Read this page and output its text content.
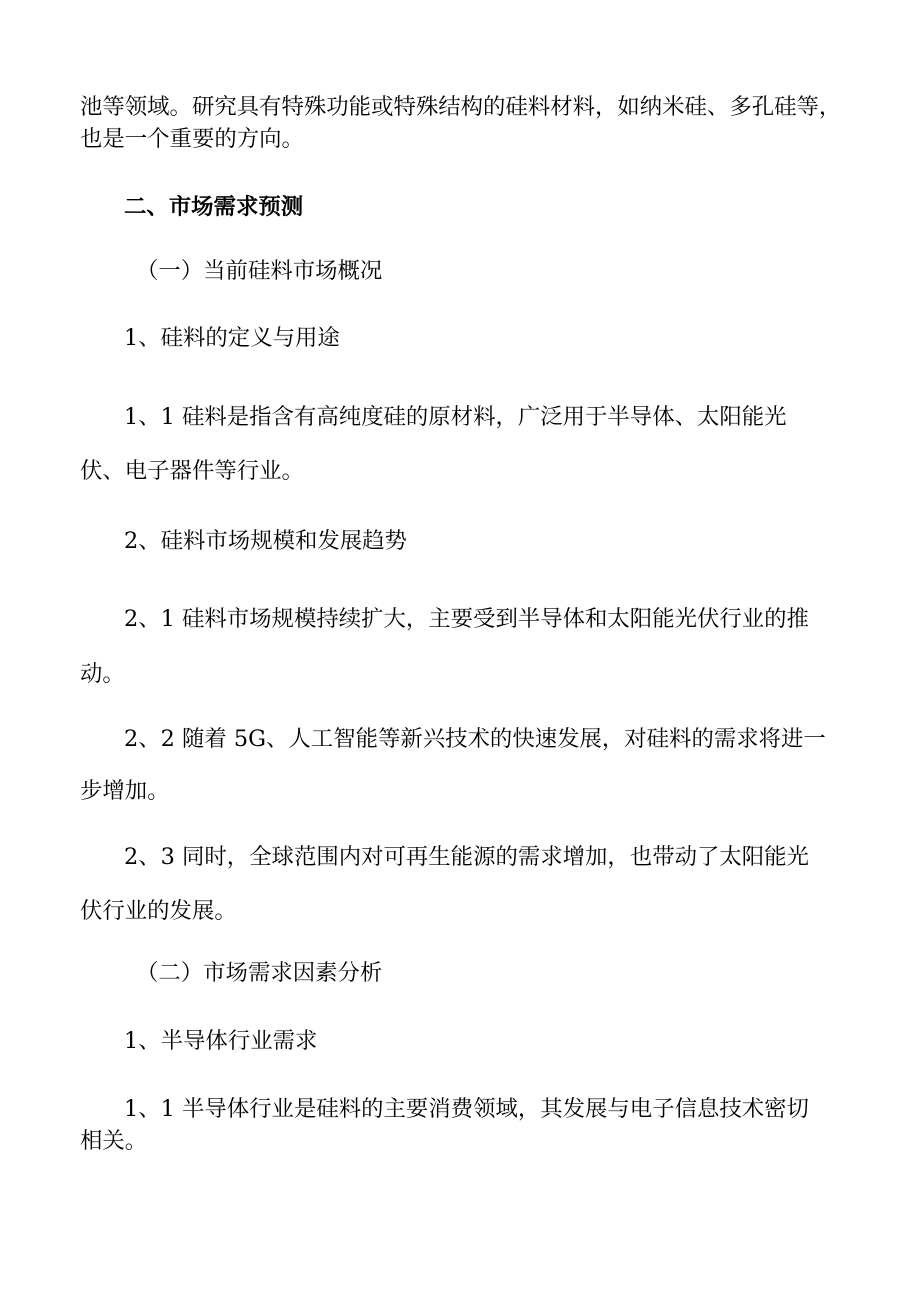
池等领域。研究具有特殊功能或特殊结构的硅料材料，如纳米硅、多孔硅等，
也是一个重要的方向。
二、市场需求预测
（一）当前硅料市场概况
1、硅料的定义与用途
1、1 硅料是指含有高纯度硅的原材料，广泛用于半导体、太阳能光
伏、电子器件等行业。
2、硅料市场规模和发展趋势
2、1 硅料市场规模持续扩大，主要受到半导体和太阳能光伏行业的推
动。
2、2 随着 5G、人工智能等新兴技术的快速发展，对硅料的需求将进一
步增加。
2、3 同时，全球范围内对可再生能源的需求增加，也带动了太阳能光
伏行业的发展。
（二）市场需求因素分析
1、半导体行业需求
1、1 半导体行业是硅料的主要消费领域，其发展与电子信息技术密切
相关。
